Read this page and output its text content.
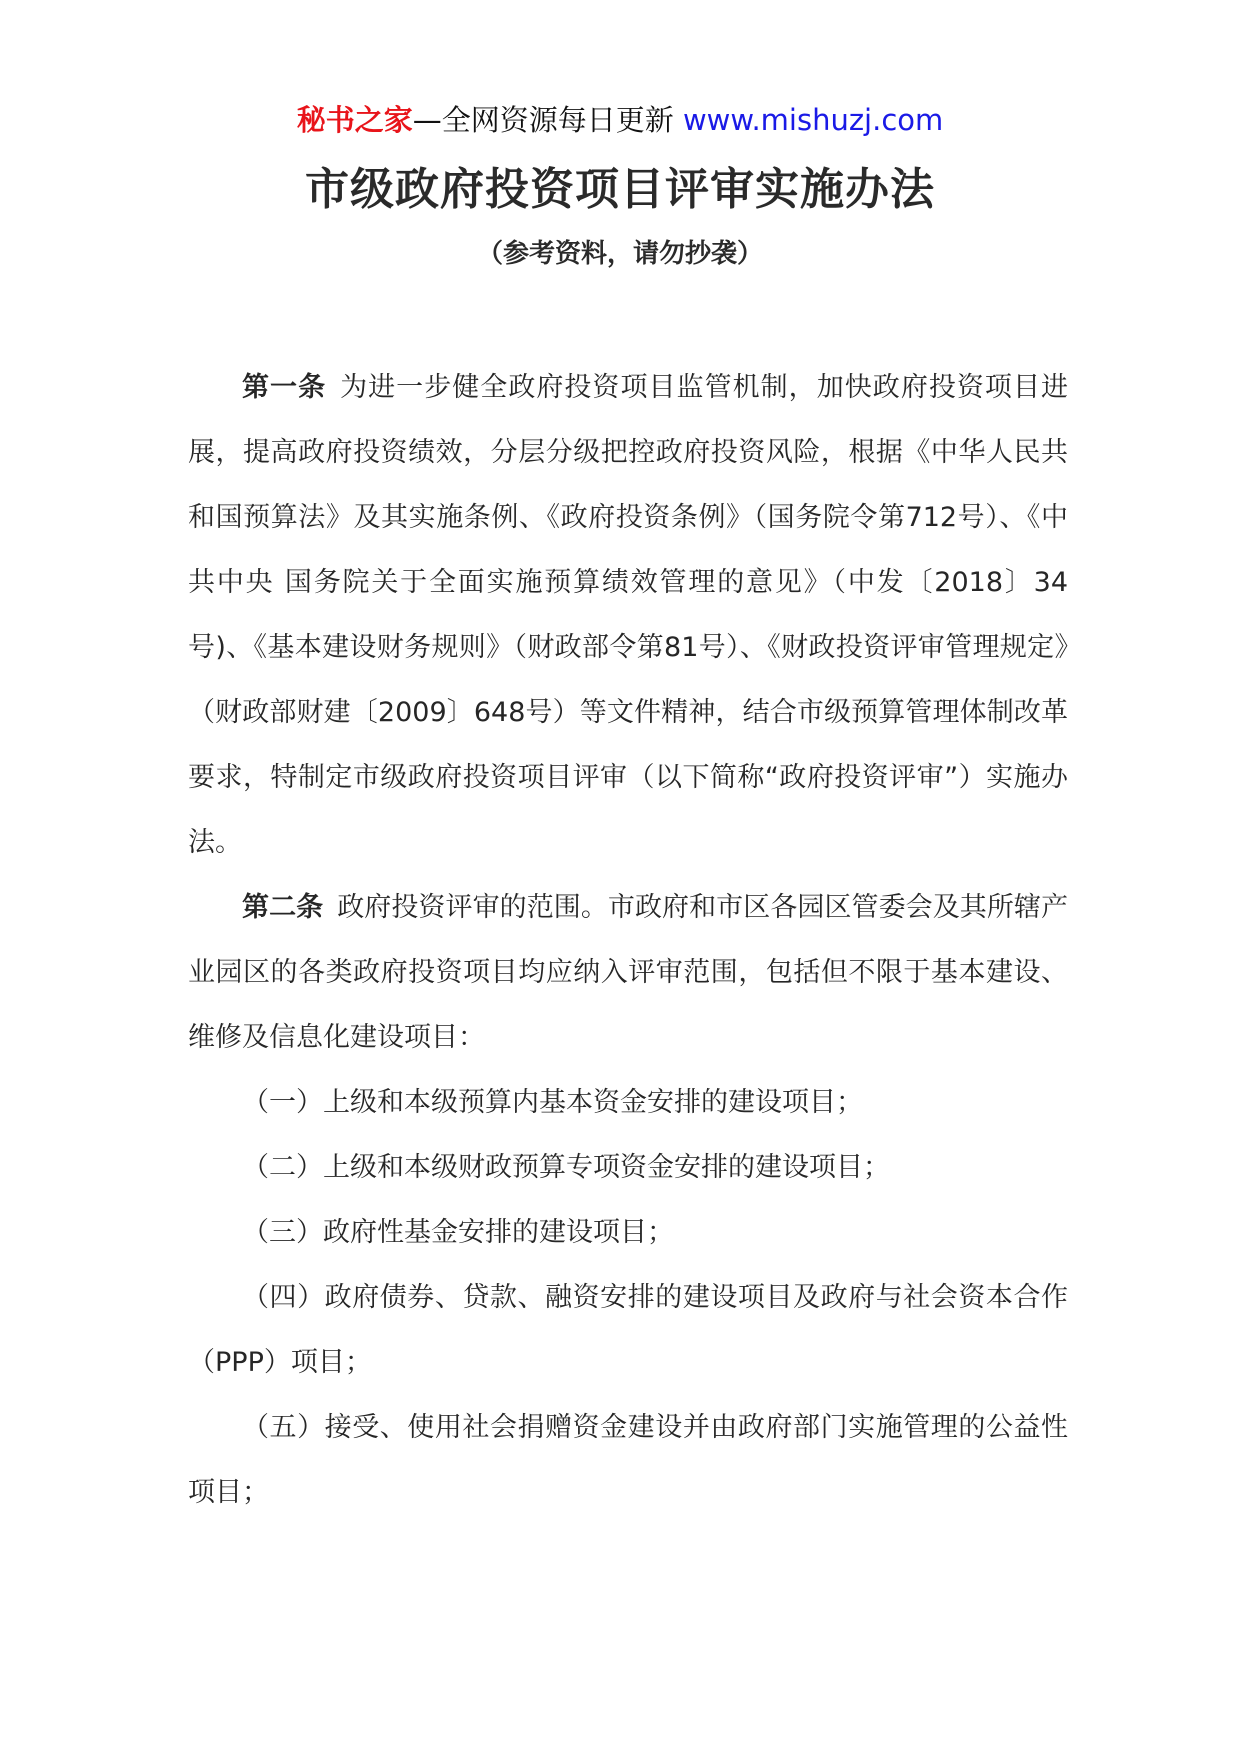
秘书之家—全网资源每日更新 www.mishuzj.com
市级政府投资项目评审实施办法
（参考资料，请勿抄袭）

第一条 为进一步健全政府投资项目监管机制，加快政府投资项目进展，提高政府投资绩效，分层分级把控政府投资风险，根据《中华人民共和国预算法》及其实施条例、《政府投资条例》（国务院令第712号）、《中共中央 国务院关于全面实施预算绩效管理的意见》（中发〔2018〕34号)、《基本建设财务规则》（财政部令第81号）、《财政投资评审管理规定》（财政部财建〔2009〕648号）等文件精神，结合市级预算管理体制改革要求，特制定市级政府投资项目评审（以下简称“政府投资评审”）实施办法。

第二条 政府投资评审的范围。市政府和市区各园区管委会及其所辖产业园区的各类政府投资项目均应纳入评审范围，包括但不限于基本建设、维修及信息化建设项目：

（一）上级和本级预算内基本资金安排的建设项目；

（二）上级和本级财政预算专项资金安排的建设项目；

（三）政府性基金安排的建设项目；

（四）政府债券、贷款、融资安排的建设项目及政府与社会资本合作（PPP）项目；

（五）接受、使用社会捐赠资金建设并由政府部门实施管理的公益性项目；
